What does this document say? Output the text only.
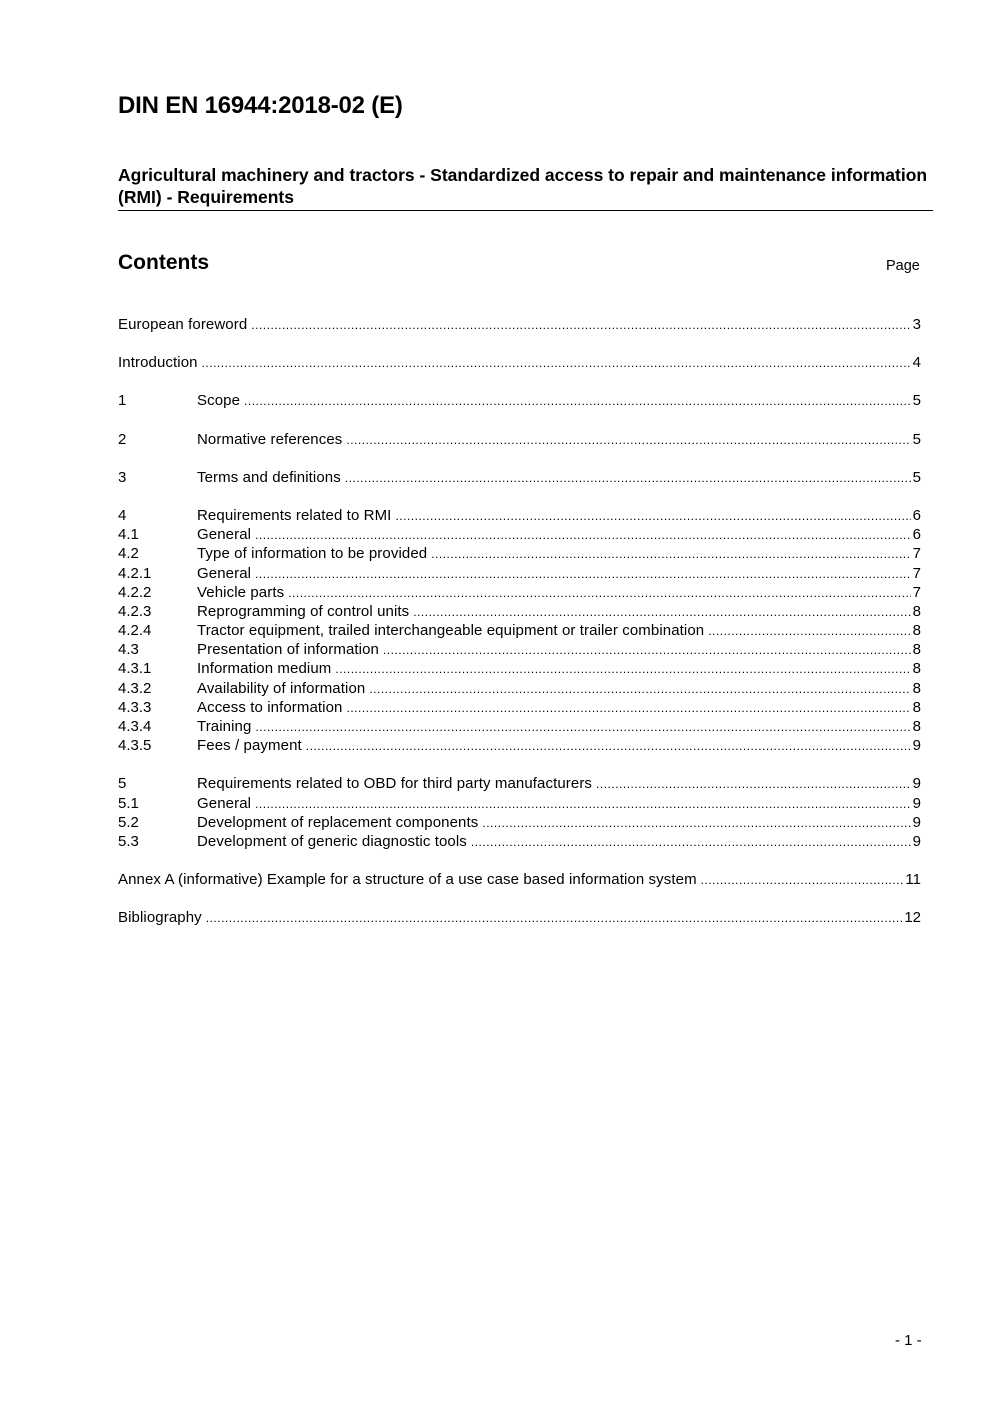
DIN EN 16944:2018-02 (E)
Agricultural machinery and tractors - Standardized access to repair and maintenance information (RMI) - Requirements
Contents	Page
European foreword .....	3
Introduction .....	4
1	Scope .....	5
2	Normative references .....	5
3	Terms and definitions .....	5
4	Requirements related to RMI .....	6
4.1	General .....	6
4.2	Type of information to be provided .....	7
4.2.1	General .....	7
4.2.2	Vehicle parts .....	7
4.2.3	Reprogramming of control units .....	8
4.2.4	Tractor equipment, trailed interchangeable equipment or trailer combination .....	8
4.3	Presentation of information .....	8
4.3.1	Information medium .....	8
4.3.2	Availability of information .....	8
4.3.3	Access to information .....	8
4.3.4	Training .....	8
4.3.5	Fees / payment .....	9
5	Requirements related to OBD for third party manufacturers .....	9
5.1	General .....	9
5.2	Development of replacement components .....	9
5.3	Development of generic diagnostic tools .....	9
Annex A (informative) Example for a structure of a use case based information system .....	11
Bibliography .....	12
- 1 -
